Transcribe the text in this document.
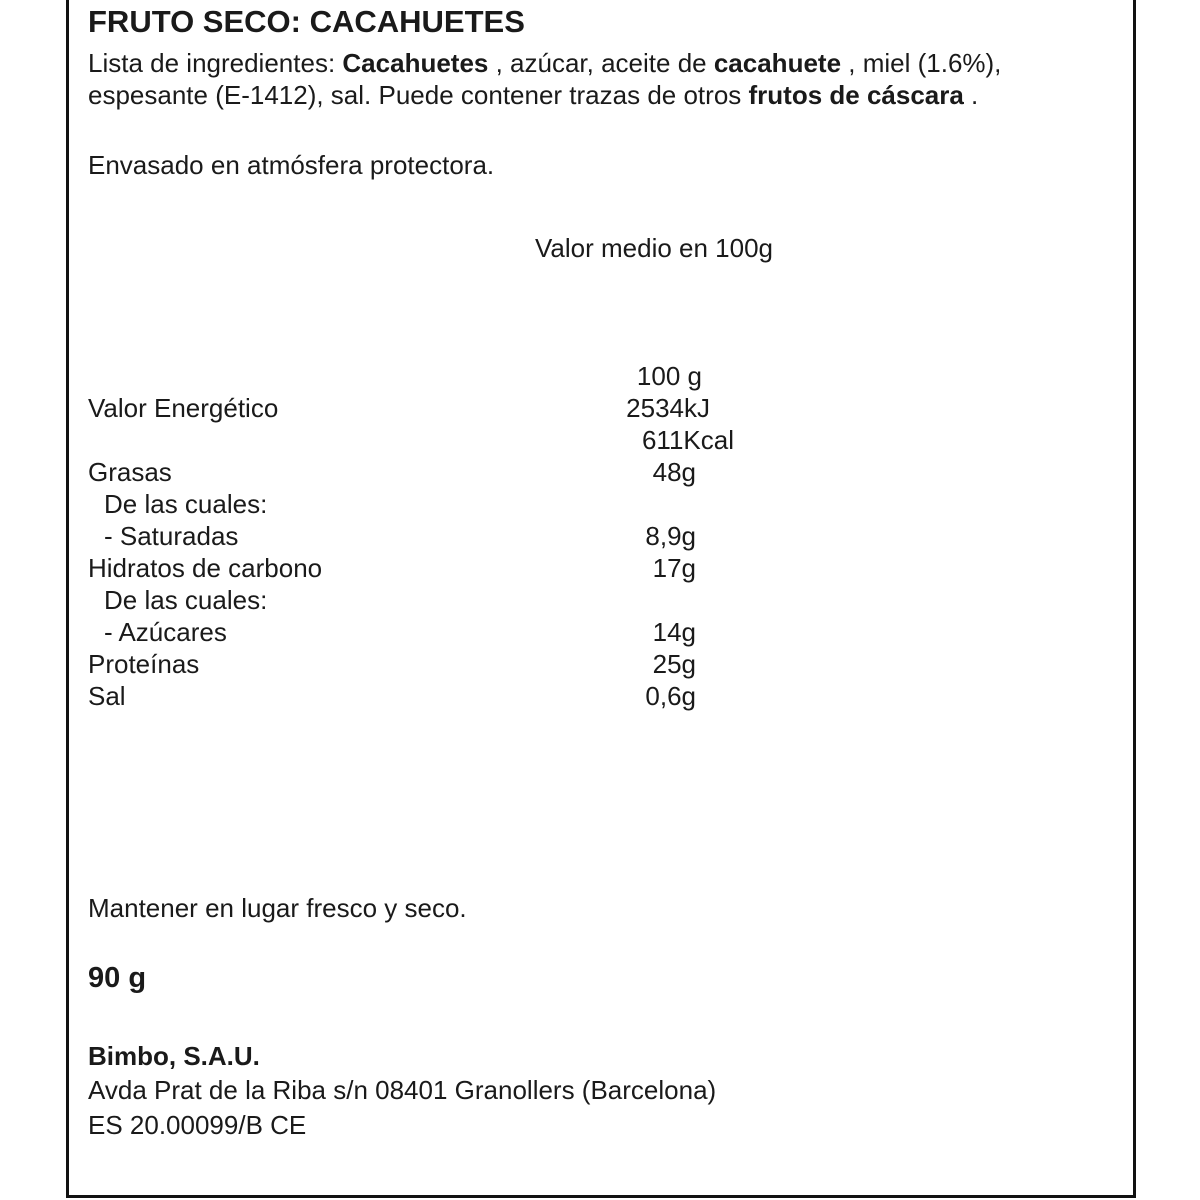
FRUTO SECO: CACAHUETES
Lista de ingredientes: Cacahuetes , azúcar, aceite de cacahuete , miel (1.6%),
espesante (E-1412), sal. Puede contener trazas de otros frutos de cáscara .
Envasado en atmósfera protectora.
Valor medio en 100g
100 g
Valor Energético	2534kJ
611Kcal
Grasas	48g
De las cuales:
- Saturadas	8,9g
Hidratos de carbono	17g
De las cuales:
- Azúcares	14g
Proteínas	25g
Sal	0,6g
Mantener en lugar fresco y seco.
90 g
Bimbo, S.A.U.
Avda Prat de la Riba s/n 08401 Granollers (Barcelona)
ES 20.00099/B CE
